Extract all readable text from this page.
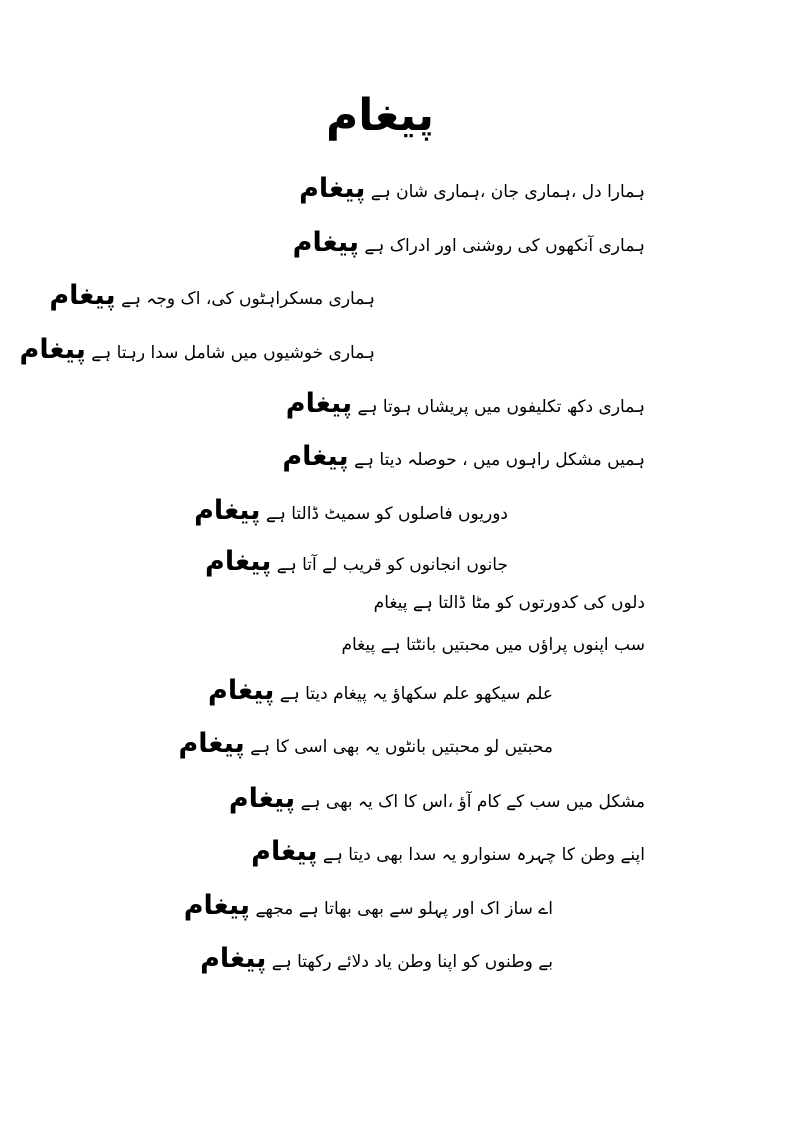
پیغام
ہمارا دل ،ہماری جان ،ہماری شان ہے پیغام
ہماری آنکھوں کی روشنی اور ادراک ہے پیغام
ہماری مسکراہٹوں کی، اک وجہ ہے پیغام
ہماری خوشیوں میں شامل سدا رہتا ہے پیغام
ہماری دکھ تکلیفوں میں پریشاں ہوتا ہے پیغام
ہمیں مشکل راہوں میں ، حوصلہ دیتا ہے پیغام
دوریوں فاصلوں کو سمیٹ ڈالتا ہے پیغام
جانوں انجانوں کو قریب لے آتا ہے پیغام
دلوں کی کدورتوں کو مٹا ڈالتا ہے پیغام
سب اپنوں پراؤں میں محبتیں بانٹتا ہے پیغام
علم سیکھو علم سکھاؤ یہ پیغام دیتا ہے پیغام
محبتیں لو محبتیں بانٹوں یہ بھی اسی کا ہے پیغام
مشکل میں سب کے کام آؤ ،اس کا اک یہ بھی ہے پیغام
اپنے وطن کا چہرہ سنوارو یہ سدا بھی دیتا ہے پیغام
اے ساز اک اور پہلو سے بھی بھاتا ہے مجھے پیغام
بے وطنوں کو اپنا وطن یاد دلائے رکھتا ہے پیغام
